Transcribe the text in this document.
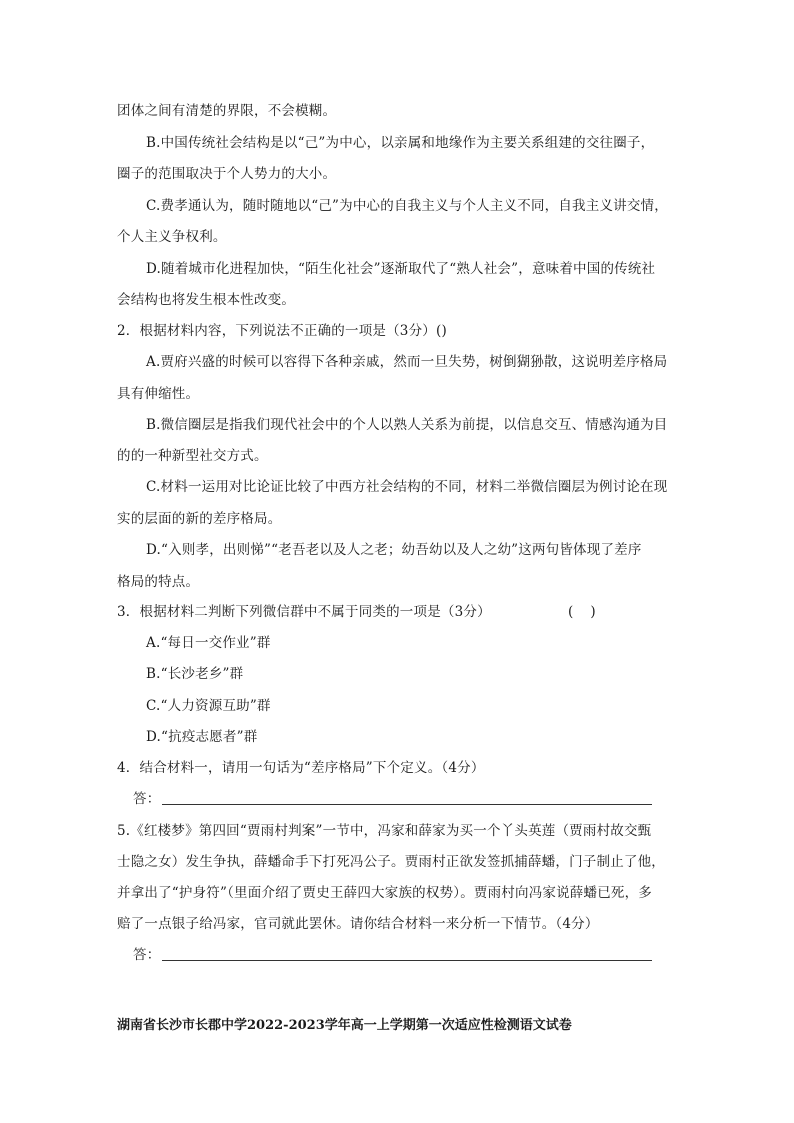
团体之间有清楚的界限，不会模糊。
B.中国传统社会结构是以“己”为中心，以亲属和地缘作为主要关系组建的交往圈子，
圈子的范围取决于个人势力的大小。
C.费孝通认为，随时随地以“己”为中心的自我主义与个人主义不同，自我主义讲交情，
个人主义争权利。
D.随着城市化进程加快，“陌生化社会”逐渐取代了“熟人社会”，意味着中国的传统社
会结构也将发生根本性改变。
2．根据材料内容，下列说法不正确的一项是（3分）()
A.贾府兴盛的时候可以容得下各种亲戚，然而一旦失势，树倒猢狲散，这说明差序格局
具有伸缩性。
B.微信圈层是指我们现代社会中的个人以熟人关系为前提，以信息交互、情感沟通为目
的的一种新型社交方式。
C.材料一运用对比论证比较了中西方社会结构的不同，材料二举微信圈层为例讨论在现
实的层面的新的差序格局。
D.“入则孝，出则悌”“老吾老以及人之老；幼吾幼以及人之幼”这两句皆体现了差序
格局的特点。
3．根据材料二判断下列微信群中不属于同类的一项是（3分）	(    )
A.“每日一交作业”群
B.“长沙老乡”群
C.“人力资源互助”群
D.“抗疫志愿者”群
4．结合材料一，请用一句话为“差序格局”下个定义。（4分）
答：
5.《红楼梦》第四回“贾雨村判案”一节中，冯家和薛家为买一个丫头英莲（贾雨村故交甄
士隐之女）发生争执，薛蟠命手下打死冯公子。贾雨村正欲发签抓捕薛蟠，门子制止了他，
并拿出了“护身符”（里面介绍了贾史王薛四大家族的权势）。贾雨村向冯家说薛蟠已死，多
赔了一点银子给冯家，官司就此罢休。请你结合材料一来分析一下情节。（4分）
答：
湖南省长沙市长郡中学2022-2023学年高一上学期第一次适应性检测语文试卷
